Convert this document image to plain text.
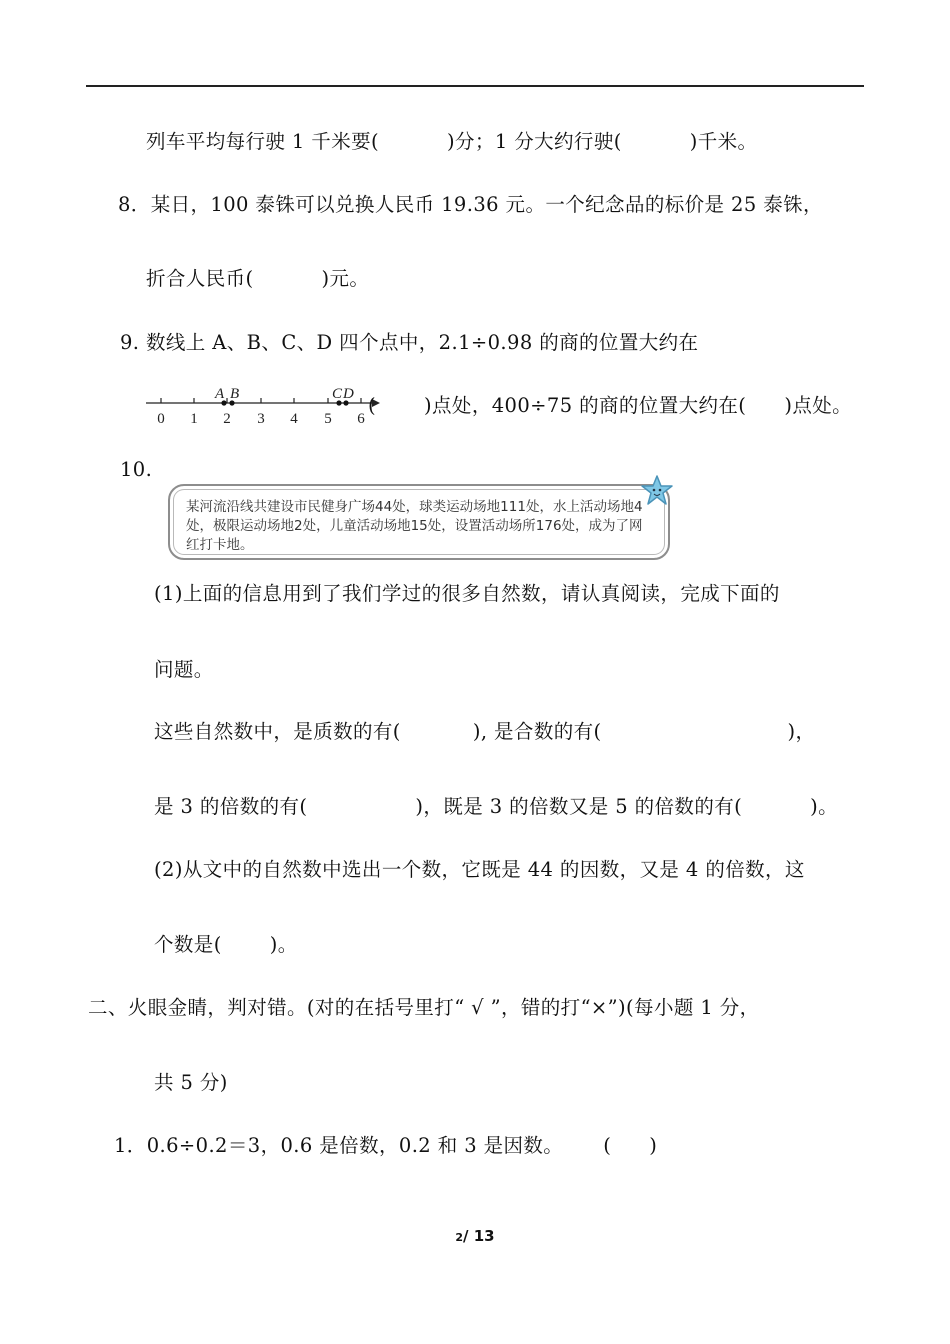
列车平均每行驶 1 千米要(	)分；1 分大约行驶(	)千米。
8．某日，100 泰铢可以兑换人民币 19.36 元。一个纪念品的标价是 25 泰铢，
折合人民币(	)元。
9. 数线上 A、B、C、D 四个点中，2.1÷0.98 的商的位置大约在
A B	C D
0 1 2 3 4 5 6
( )点处，400÷75 的商的位置大约在( )点处。
10.
某河流沿线共建设市民健身广场44处，球类运动场地111处，水上活动场地4处，极限运动场地2处，儿童活动场地15处，设置活动场所176处，成为了网红打卡地。
(1)上面的信息用到了我们学过的很多自然数，请认真阅读，完成下面的
问题。
这些自然数中，是质数的有(	), 是合数的有(	)，
是 3 的倍数的有(	)，既是 3 的倍数又是 5 的倍数的有(	)。
(2)从文中的自然数中选出一个数，它既是 44 的因数，又是 4 的倍数，这
个数是( )。
二、火眼金睛，判对错。(对的在括号里打“ √ ”，错的打“×”)(每小题 1 分，
共 5 分)
1．0.6÷0.2＝3，0.6 是倍数，0.2 和 3 是因数。 ( )
2/ 13
